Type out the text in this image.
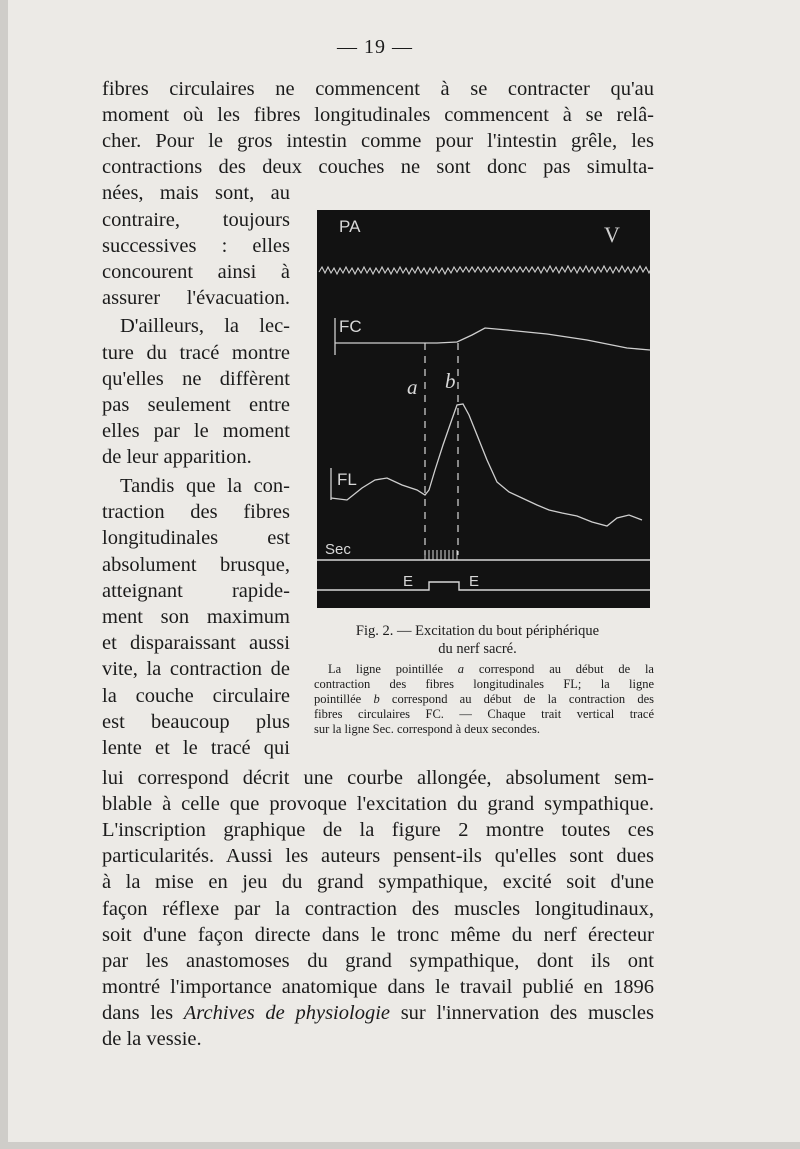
— 19 —
fibres circulaires ne commencent à se contracter qu'au
moment où les fibres longitudinales commencent à se relâ-
cher. Pour le gros intestin comme pour l'intestin grêle, les
contractions des deux couches ne sont donc pas simulta-
nées, mais sont, au
contraire, toujours
successives : elles
concourent ainsi à
assurer l'évacuation.
D'ailleurs, la lec-
ture du tracé montre
qu'elles ne diffèrent
pas seulement entre
elles par le moment
de leur apparition.
Tandis que la con-
traction des fibres
longitudinales est
absolument brusque,
atteignant rapide-
ment son maximum
et disparaissant aussi
vite, la contraction de
la couche circulaire
est beaucoup plus
lente et le tracé qui
lui correspond décrit une courbe allongée, absolument sem-
blable à celle que provoque l'excitation du grand sympathique.
L'inscription graphique de la figure 2 montre toutes ces
particularités. Aussi les auteurs pensent-ils qu'elles sont dues
à la mise en jeu du grand sympathique, excité soit d'une
façon réflexe par la contraction des muscles longitudinaux,
soit d'une façon directe dans le tronc même du nerf érecteur
par les anastomoses du grand sympathique, dont ils ont
montré l'importance anatomique dans le travail publié en 1896
dans les Archives de physiologie sur l'innervation des muscles
de la vessie.
PA	V
FC
FL
Sec
a b
E	E
Fig. 2. — Excitation du bout périphérique
du nerf sacré.
La ligne pointillée a correspond au début de la
contraction des fibres longitudinales FL; la ligne
pointillée b correspond au début de la contraction des
fibres circulaires FC. — Chaque trait vertical tracé
sur la ligne Sec. correspond à deux secondes.
